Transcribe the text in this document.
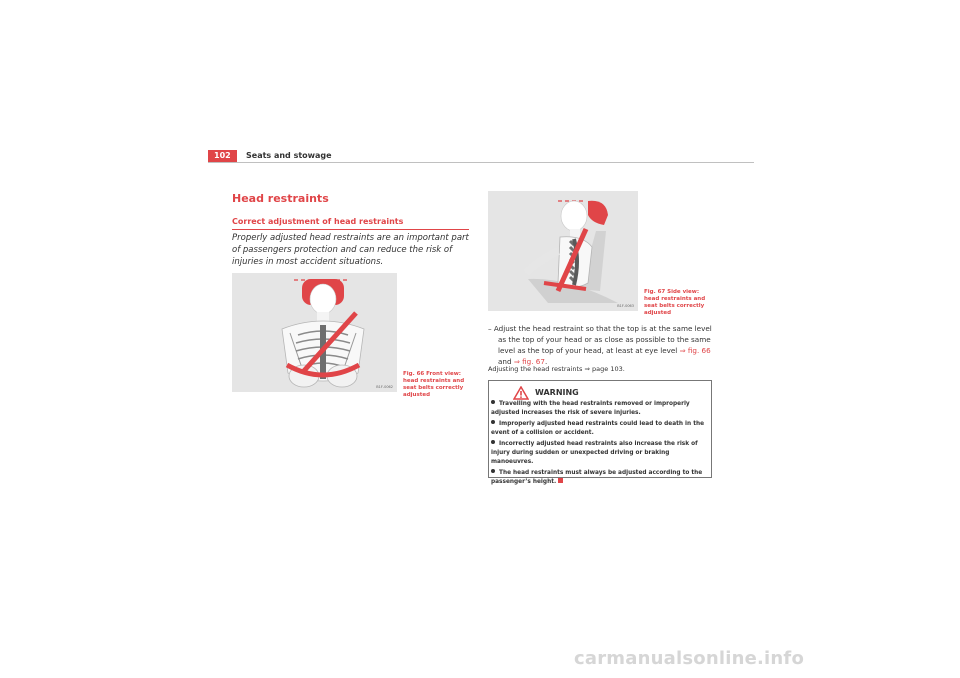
102	Seats and stowage
Head restraints
Correct adjustment of head restraints

Properly adjusted head restraints are an important part of passengers protection and can reduce the risk of injuries in most accident situations.

B1F-0062

Fig. 66 Front view: head restraints and seat belts correctly adjusted

B1F-0063

Fig. 67 Side view: head restraints and seat belts correctly adjusted

– Adjust the head restraint so that the top is at the same level as the top of your head or as close as possible to the same level as the top of your head, at least at eye level ⇒ fig. 66 and ⇒ fig. 67.

Adjusting the head restraints ⇒ page 103.
WARNING
Travelling with the head restraints removed or improperly adjusted increases the risk of severe injuries.
Improperly adjusted head restraints could lead to death in the event of a collision or accident.
Incorrectly adjusted head restraints also increase the risk of injury during sudden or unexpected driving or braking manoeuvres.
The head restraints must always be adjusted according to the passenger’s height.
carmanualsonline.info
